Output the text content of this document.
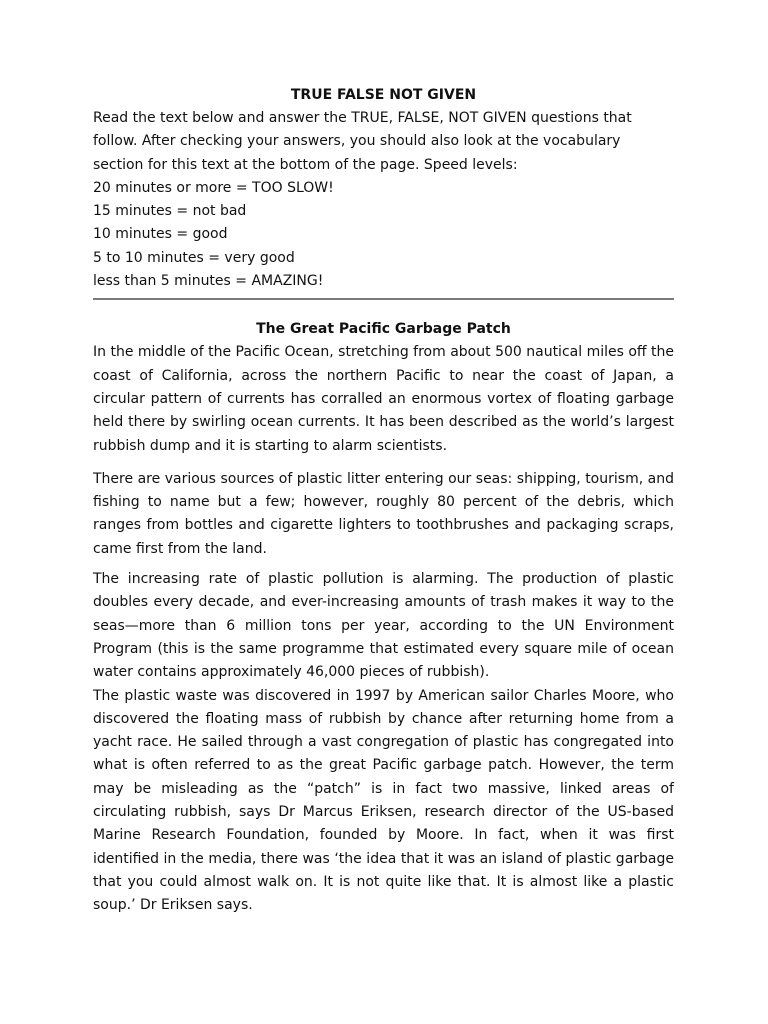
TRUE FALSE NOT GIVEN

Read the text below and answer the TRUE, FALSE, NOT GIVEN questions that follow. After checking your answers, you should also look at the vocabulary section for this text at the bottom of the page. Speed levels:

20 minutes or more = TOO SLOW!

15 minutes = not bad

10 minutes = good

5 to 10 minutes = very good

less than 5 minutes = AMAZING!

The Great Pacific Garbage Patch

In the middle of the Pacific Ocean, stretching from about 500 nautical miles off the coast of California, across the northern Pacific to near the coast of Japan, a circular pattern of currents has corralled an enormous vortex of floating garbage held there by swirling ocean currents. It has been described as the world’s largest rubbish dump and it is starting to alarm scientists.

There are various sources of plastic litter entering our seas: shipping, tourism, and fishing to name but a few; however, roughly 80 percent of the debris, which ranges from bottles and cigarette lighters to toothbrushes and packaging scraps, came first from the land.

The increasing rate of plastic pollution is alarming. The production of plastic doubles every decade, and ever-increasing amounts of trash makes it way to the seas—more than 6 million tons per year, according to the UN Environment Program (this is the same programme that estimated every square mile of ocean water contains approximately 46,000 pieces of rubbish).

The plastic waste was discovered in 1997 by American sailor Charles Moore, who discovered the floating mass of rubbish by chance after returning home from a yacht race. He sailed through a vast congregation of plastic has congregated into what is often referred to as the great Pacific garbage patch. However, the term may be misleading as the “patch” is in fact two massive, linked areas of circulating rubbish, says Dr Marcus Eriksen, research director of the US-based Marine Research Foundation, founded by Moore. In fact, when it was first identified in the media, there was ‘the idea that it was an island of plastic garbage that you could almost walk on. It is not quite like that. It is almost like a plastic soup.’ Dr Eriksen says.
